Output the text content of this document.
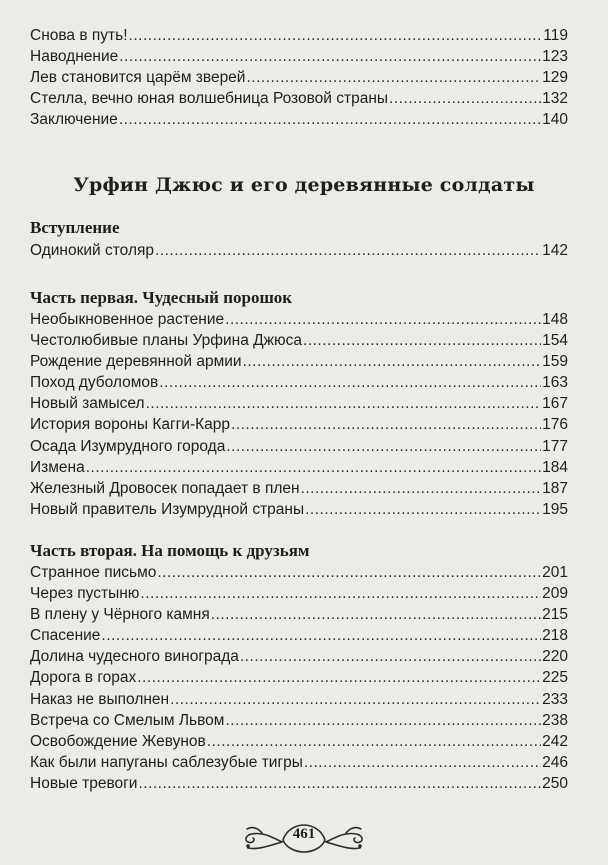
Снова в путь! .....	119
Наводнение .....	123
Лев становится царём зверей .....	129
Стелла, вечно юная волшебница Розовой страны .....	132
Заключение .....	140
Урфин Джюс и его деревянные солдаты
Вступление
Одинокий столяр .....	142
Часть первая. Чудесный порошок
Необыкновенное растение .....	148
Честолюбивые планы Урфина Джюса .....	154
Рождение деревянной армии .....	159
Поход дуболомов .....	163
Новый замысел .....	167
История вороны Кагги-Карр .....	176
Осада Изумрудного города .....	177
Измена .....	184
Железный Дровосек попадает в плен .....	187
Новый правитель Изумрудной страны .....	195
Часть вторая. На помощь к друзьям
Странное письмо .....	201
Через пустыню .....	209
В плену у Чёрного камня .....	215
Спасение .....	218
Долина чудесного винограда .....	220
Дорога в горах .....	225
Наказ не выполнен .....	233
Встреча со Смелым Львом .....	238
Освобождение Жевунов .....	242
Как были напуганы саблезубые тигры .....	246
Новые тревоги .....	250
461
